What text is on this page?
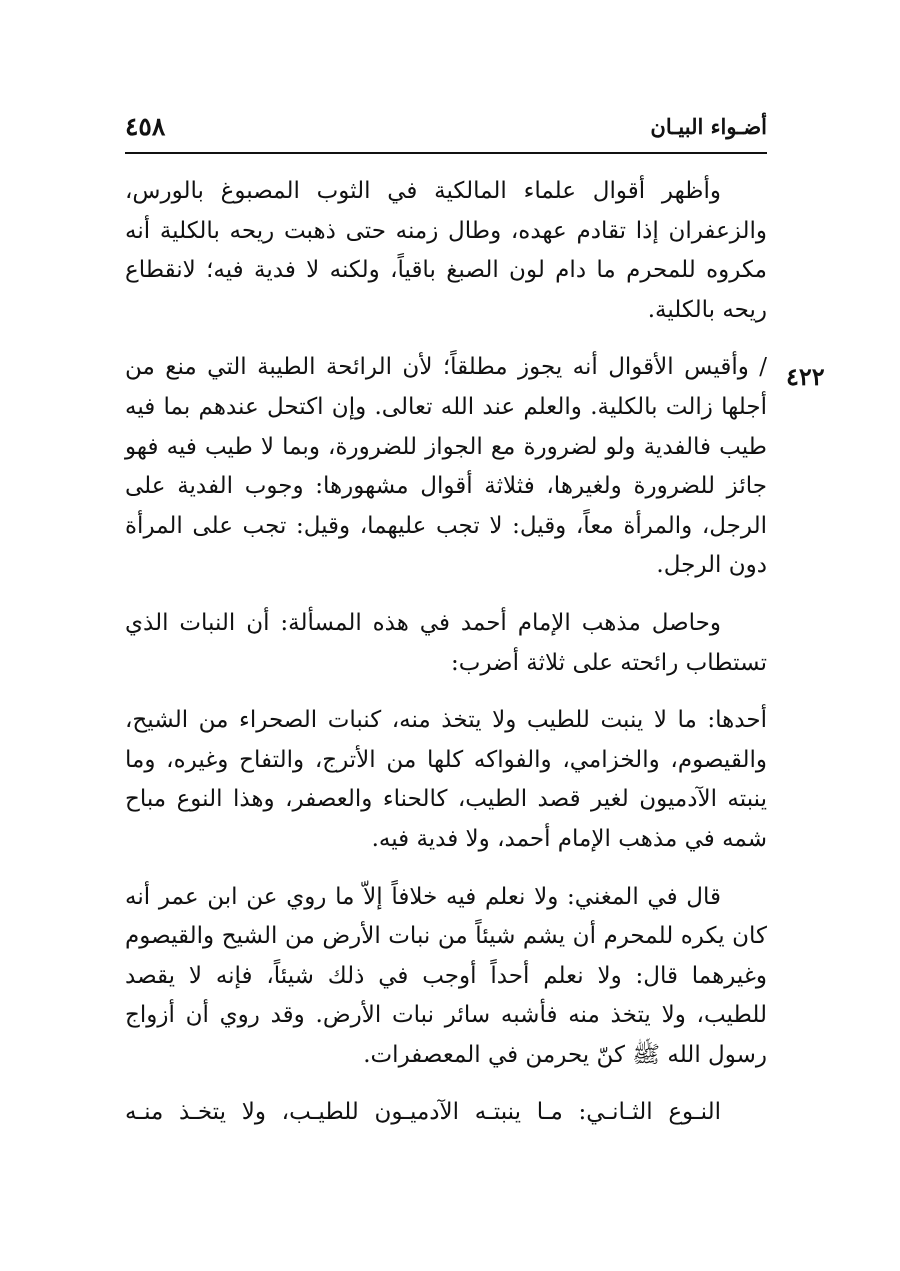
أضـواء البيـان
٤٥٨
٤٢٢

وأظهر أقوال علماء المالكية في الثوب المصبوغ بالورس، والزعفران إذا تقادم عهده، وطال زمنه حتى ذهبت ريحه بالكلية أنه مكروه للمحرم ما دام لون الصبغ باقياً، ولكنه لا فدية فيه؛ لانقطاع ريحه بالكلية.

/ وأقيس الأقوال أنه يجوز مطلقاً؛ لأن الرائحة الطيبة التي منع من أجلها زالت بالكلية. والعلم عند الله تعالى. وإن اكتحل عندهم بما فيه طيب فالفدية ولو لضرورة مع الجواز للضرورة، وبما لا طيب فيه فهو جائز للضرورة ولغيرها، فثلاثة أقوال مشهورها: وجوب الفدية على الرجل، والمرأة معاً، وقيل: لا تجب عليهما، وقيل: تجب على المرأة دون الرجل.

وحاصل مذهب الإمام أحمد في هذه المسألة: أن النبات الذي تستطاب رائحته على ثلاثة أضرب:

أحدها: ما لا ينبت للطيب ولا يتخذ منه، كنبات الصحراء من الشيح، والقيصوم، والخزامي، والفواكه كلها من الأترج، والتفاح وغيره، وما ينبته الآدميون لغير قصد الطيب، كالحناء والعصفر، وهذا النوع مباح شمه في مذهب الإمام أحمد، ولا فدية فيه.

قال في المغني: ولا نعلم فيه خلافاً إلاّ ما روي عن ابن عمر أنه كان يكره للمحرم أن يشم شيئاً من نبات الأرض من الشيح والقيصوم وغيرهما قال: ولا نعلم أحداً أوجب في ذلك شيئاً، فإنه لا يقصد للطيب، ولا يتخذ منه فأشبه سائر نبات الأرض. وقد روي أن أزواج رسول الله ﷺ كنّ يحرمن في المعصفرات.

النـوع الثـانـي: مـا ينبتـه الآدميـون للطيـب، ولا يتخـذ منـه
